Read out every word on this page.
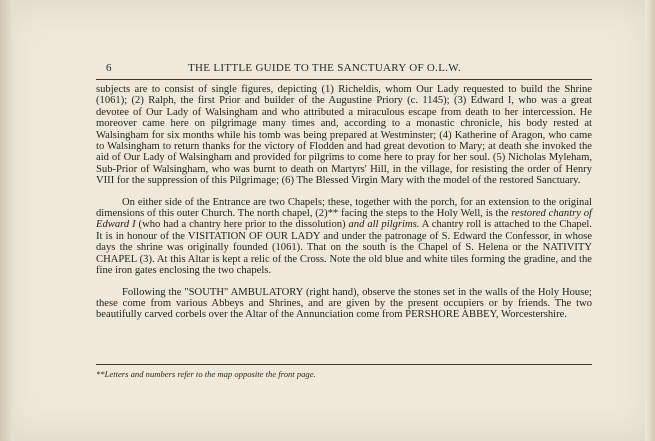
6	THE LITTLE GUIDE TO THE SANCTUARY OF O.L.W.

subjects are to consist of single figures, depicting (1) Richeldis, whom Our Lady requested to build the Shrine (1061); (2) Ralph, the first Prior and builder of the Augustine Priory (c. 1145); (3) Edward I, who was a great devotee of Our Lady of Walsingham and who attributed a miraculous escape from death to her intercession. He moreover came here on pilgrimage many times and, according to a monastic chronicle, his body rested at Walsingham for six months while his tomb was being prepared at Westminster; (4) Katherine of Aragon, who came to Walsingham to return thanks for the victory of Flodden and had great devotion to Mary; at death she invoked the aid of Our Lady of Walsingham and provided for pilgrims to come here to pray for her soul. (5) Nicholas Myleham, Sub-Prior of Walsingham, who was burnt to death on Martyrs' Hill, in the village, for resisting the order of Henry VIII for the suppression of this Pilgrimage; (6) The Blessed Virgin Mary with the model of the restored Sanctuary.

On either side of the Entrance are two Chapels; these, together with the porch, for an extension to the original dimensions of this outer Church. The north chapel, (2)** facing the steps to the Holy Well, is the restored chantry of Edward I (who had a chantry here prior to the dissolution) and all pilgrims. A chantry roll is attached to the Chapel. It is in honour of the VISITATION OF OUR LADY and under the patronage of S. Edward the Confessor, in whose days the shrine was originally founded (1061). That on the south is the Chapel of S. Helena or the NATIVITY CHAPEL (3). At this Altar is kept a relic of the Cross. Note the old blue and white tiles forming the gradine, and the fine iron gates enclosing the two chapels.

Following the "SOUTH" AMBULATORY (right hand), observe the stones set in the walls of the Holy House; these come from various Abbeys and Shrines, and are given by the present occupiers or by friends. The two beautifully carved corbels over the Altar of the Annunciation come from PERSHORE ABBEY, Worcestershire.

**Letters and numbers refer to the map opposite the front page.
